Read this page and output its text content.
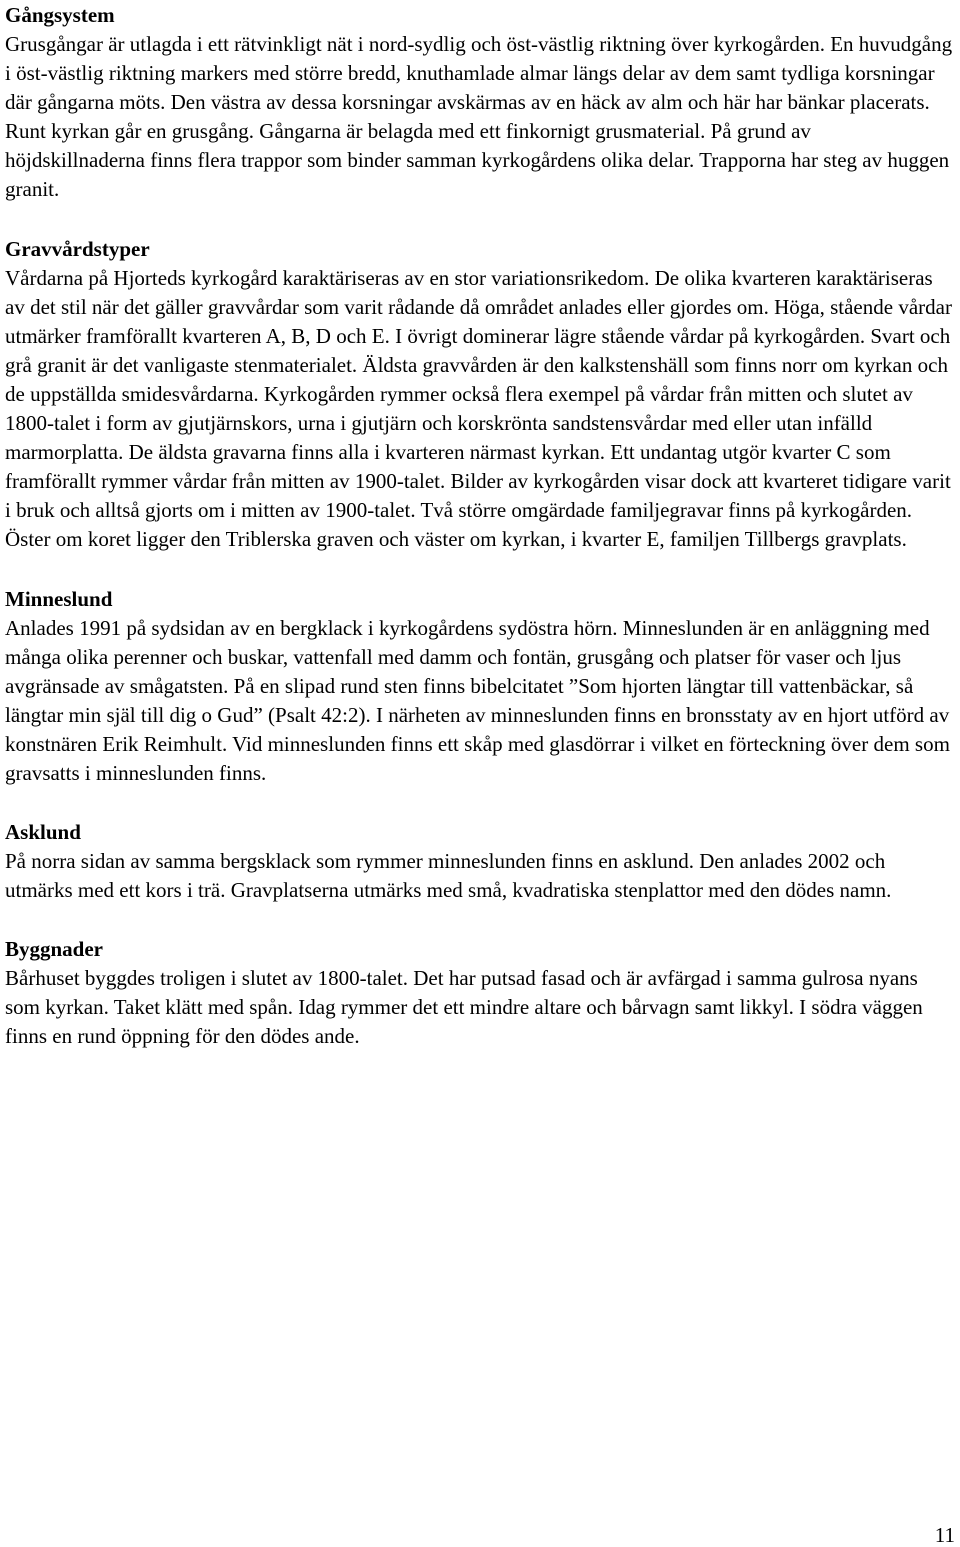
Gångsystem

Grusgångar är utlagda i ett rätvinkligt nät i nord-sydlig och öst-västlig riktning över kyrkogården. En huvudgång i öst-västlig riktning markers med större bredd, knuthamlade almar längs delar av dem samt tydliga korsningar där gångarna möts. Den västra av dessa korsningar avskärmas av en häck av alm och här har bänkar placerats. Runt kyrkan går en grusgång. Gångarna är belagda med ett finkornigt grusmaterial. På grund av höjdskillnaderna finns flera trappor som binder samman kyrkogårdens olika delar. Trapporna har steg av huggen granit.

Gravvårdstyper

Vårdarna på Hjorteds kyrkogård karaktäriseras av en stor variationsrikedom. De olika kvarteren karaktäriseras av det stil när det gäller gravvårdar som varit rådande då området anlades eller gjordes om. Höga, stående vårdar utmärker framförallt kvarteren A, B, D och E. I övrigt dominerar lägre stående vårdar på kyrkogården. Svart och grå granit är det vanligaste stenmaterialet. Äldsta gravvården är den kalkstenshäll som finns norr om kyrkan och de uppställda smidesvårdarna. Kyrkogården rymmer också flera exempel på vårdar från mitten och slutet av 1800-talet i form av gjutjärnskors, urna i gjutjärn och korskrönta sandstensvårdar med eller utan infälld marmorplatta. De äldsta gravarna finns alla i kvarteren närmast kyrkan. Ett undantag utgör kvarter C som framförallt rymmer vårdar från mitten av 1900-talet. Bilder av kyrkogården visar dock att kvarteret tidigare varit i bruk och alltså gjorts om i mitten av 1900-talet. Två större omgärdade familjegravar finns på kyrkogården. Öster om koret ligger den Triblerska graven och väster om kyrkan, i kvarter E, familjen Tillbergs gravplats.

Minneslund

Anlades 1991 på sydsidan av en bergklack i kyrkogårdens sydöstra hörn. Minneslunden är en anläggning med många olika perenner och buskar, vattenfall med damm och fontän, grusgång och platser för vaser och ljus avgränsade av smågatsten. På en slipad rund sten finns bibelcitatet ”Som hjorten längtar till vattenbäckar, så längtar min själ till dig o Gud” (Psalt 42:2). I närheten av minneslunden finns en bronsstaty av en hjort utförd av konstnären Erik Reimhult. Vid minneslunden finns ett skåp med glasdörrar i vilket en förteckning över dem som gravsatts i minneslunden finns.

Asklund

På norra sidan av samma bergsklack som rymmer minneslunden finns en asklund. Den anlades 2002 och utmärks med ett kors i trä. Gravplatserna utmärks med små, kvadratiska stenplattor med den dödes namn.

Byggnader

Bårhuset byggdes troligen i slutet av 1800-talet. Det har putsad fasad och är avfärgad i samma gulrosa nyans som kyrkan. Taket klätt med spån. Idag rymmer det ett mindre altare och bårvagn samt likkyl. I södra väggen finns en rund öppning för den dödes ande.

11
